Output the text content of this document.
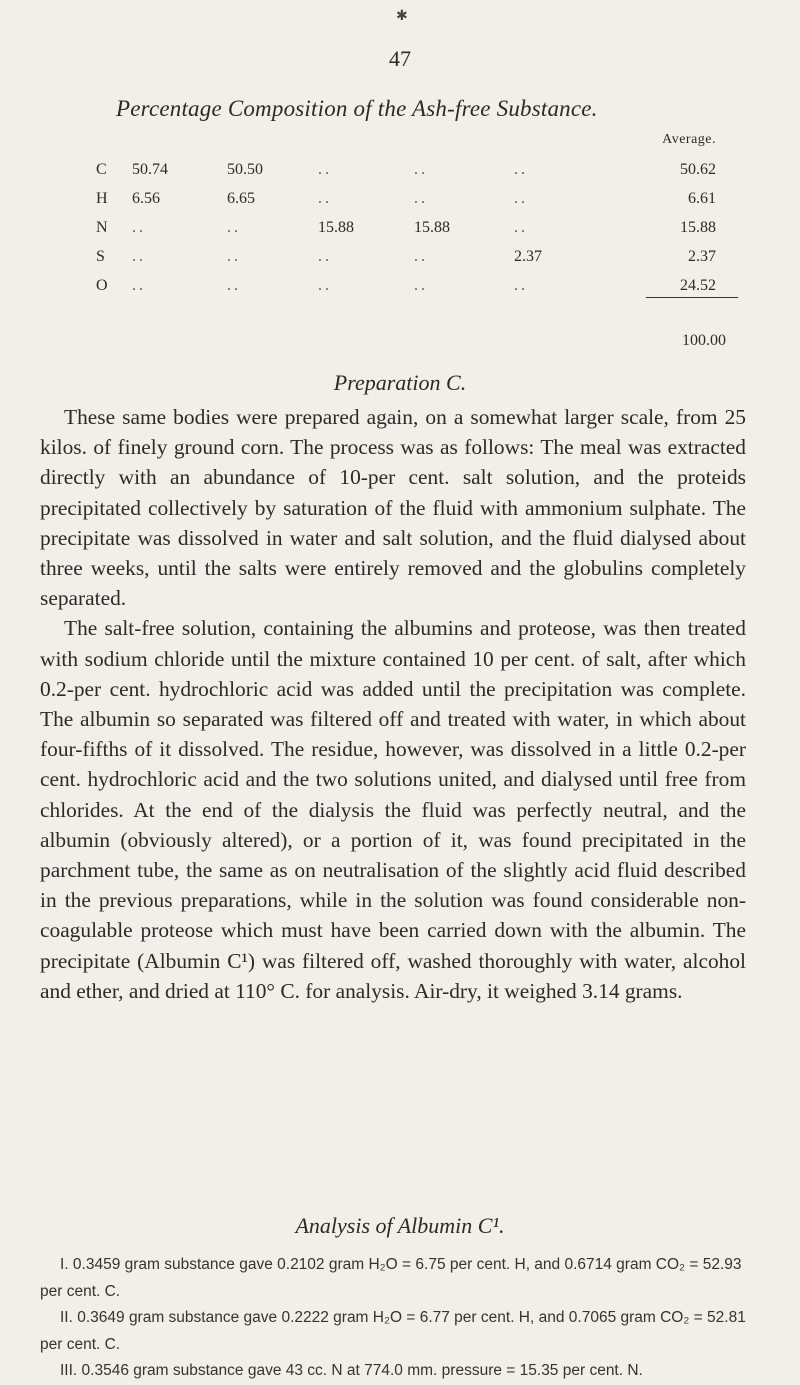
✱
47
Percentage Composition of the Ash-free Substance.
Average.
C	50.74	50.50	..	..	..	50.62
H	6.56	6.65	..	..	..	6.61
N	..	..	15.88	15.88	..	15.88
S	..	..	..	..	2.37	2.37
O	..	..	..	..	..	24.52
100.00
Preparation C.

These same bodies were prepared again, on a somewhat larger scale, from 25 kilos. of finely ground corn. The process was as follows: The meal was extracted directly with an abundance of 10-per cent. salt solution, and the proteids precipitated collectively by saturation of the fluid with ammonium sulphate. The precipitate was dissolved in water and salt solution, and the fluid dialysed about three weeks, until the salts were entirely removed and the globulins completely separated.

The salt-free solution, containing the albumins and proteose, was then treated with sodium chloride until the mixture contained 10 per cent. of salt, after which 0.2-per cent. hydrochloric acid was added until the precipitation was complete. The albumin so separated was filtered off and treated with water, in which about four-fifths of it dissolved. The residue, however, was dissolved in a little 0.2-per cent. hydrochloric acid and the two solutions united, and dialysed until free from chlorides. At the end of the dialysis the fluid was perfectly neutral, and the albumin (obviously altered), or a portion of it, was found precipitated in the parchment tube, the same as on neutralisation of the slightly acid fluid described in the previous preparations, while in the solution was found considerable non-coagulable proteose which must have been carried down with the albumin. The precipitate (Albumin C¹) was filtered off, washed thoroughly with water, alcohol and ether, and dried at 110° C. for analysis. Air-dry, it weighed 3.14 grams.

Analysis of Albumin C¹.

I. 0.3459 gram substance gave 0.2102 gram H₂O = 6.75 per cent. H, and 0.6714 gram CO₂ = 52.93 per cent. C.

II. 0.3649 gram substance gave 0.2222 gram H₂O = 6.77 per cent. H, and 0.7065 gram CO₂ = 52.81 per cent. C.

III. 0.3546 gram substance gave 43 cc. N at 774.0 mm. pressure = 15.35 per cent. N.
